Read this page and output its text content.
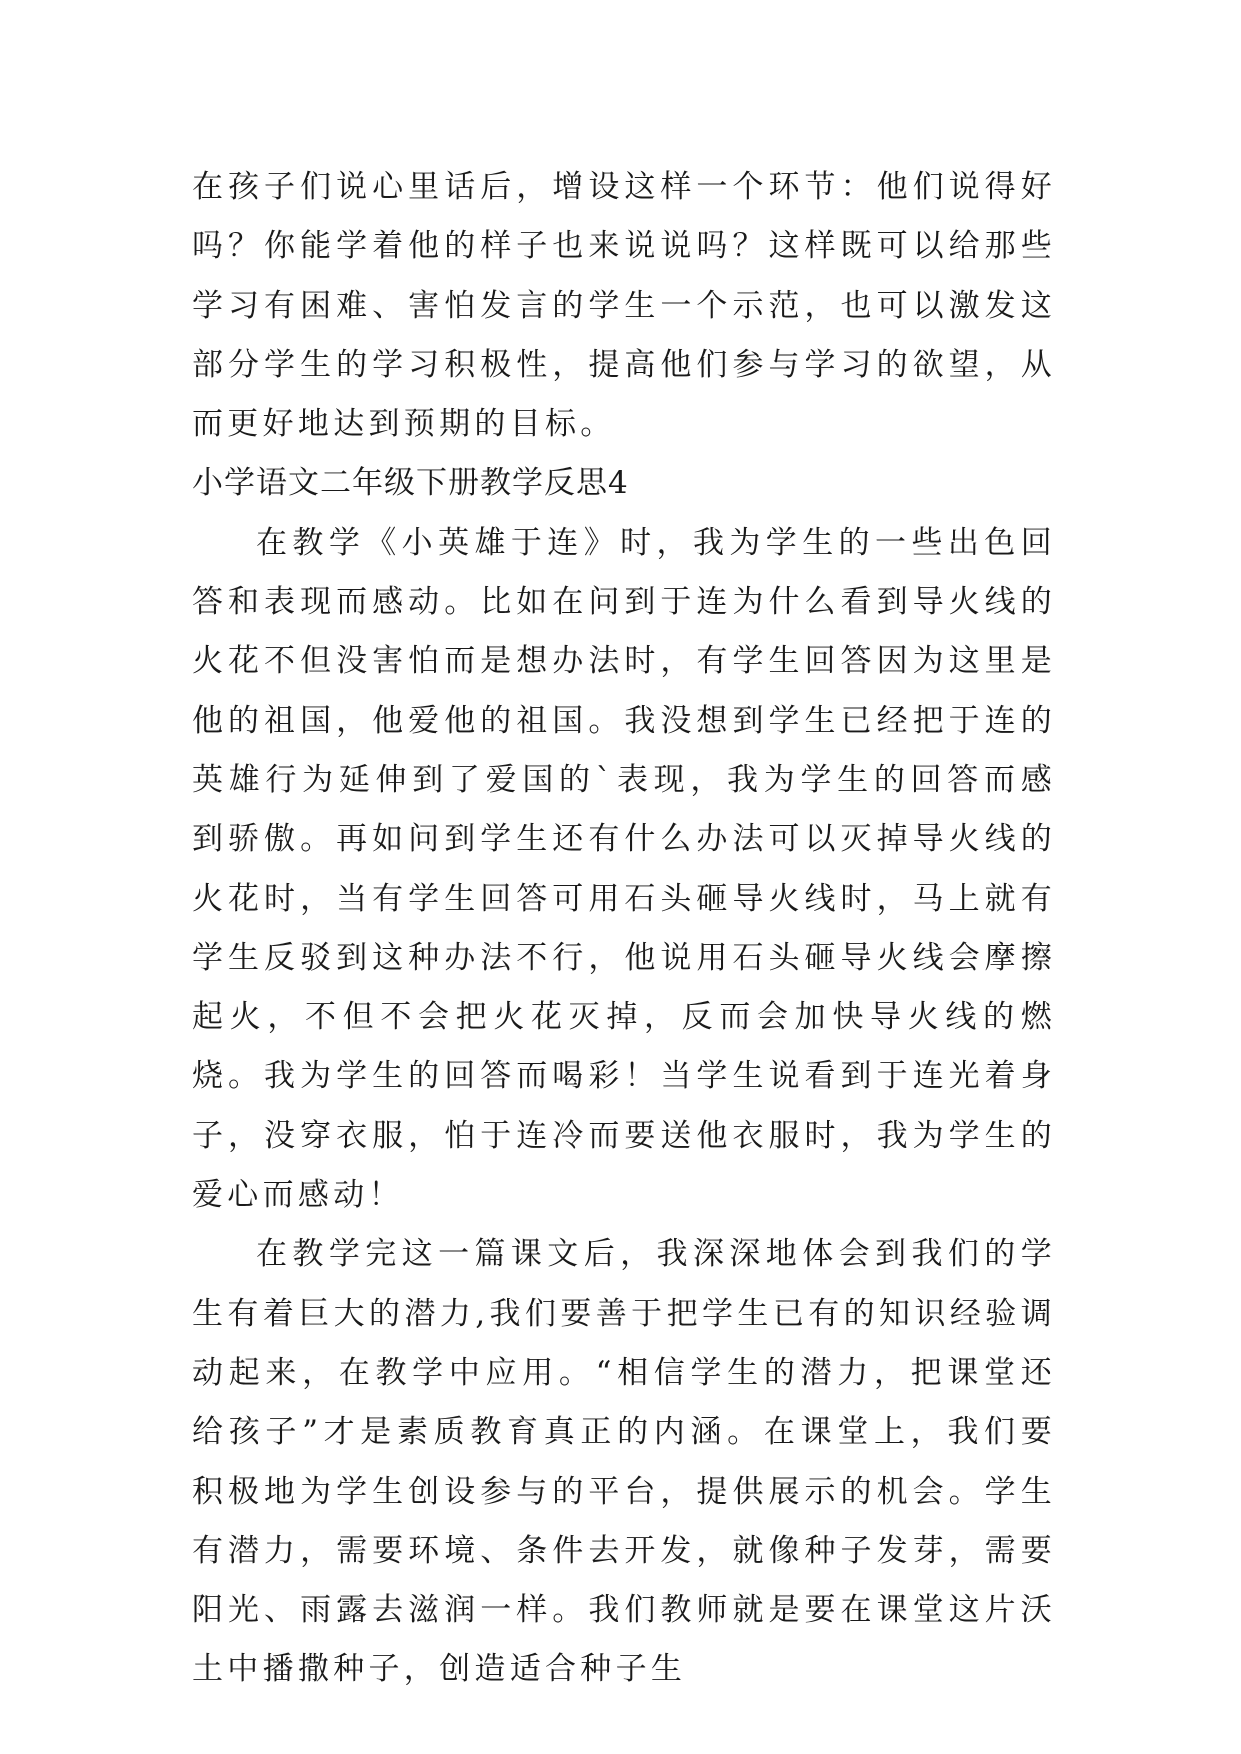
在孩子们说心里话后，增设这样一个环节：他们说得好吗？你能学着他的样子也来说说吗？这样既可以给那些学习有困难、害怕发言的学生一个示范，也可以激发这部分学生的学习积极性，提高他们参与学习的欲望，从而更好地达到预期的目标。

小学语文二年级下册教学反思4

在教学《小英雄于连》时，我为学生的一些出色回答和表现而感动。比如在问到于连为什么看到导火线的火花不但没害怕而是想办法时，有学生回答因为这里是他的祖国，他爱他的祖国。我没想到学生已经把于连的英雄行为延伸到了爱国的`表现，我为学生的回答而感到骄傲。再如问到学生还有什么办法可以灭掉导火线的火花时，当有学生回答可用石头砸导火线时，马上就有学生反驳到这种办法不行，他说用石头砸导火线会摩擦起火，不但不会把火花灭掉，反而会加快导火线的燃烧。我为学生的回答而喝彩！当学生说看到于连光着身子，没穿衣服，怕于连冷而要送他衣服时，我为学生的爱心而感动！

在教学完这一篇课文后，我深深地体会到我们的学生有着巨大的潜力,我们要善于把学生已有的知识经验调动起来，在教学中应用。“相信学生的潜力，把课堂还给孩子”才是素质教育真正的内涵。在课堂上，我们要积极地为学生创设参与的平台，提供展示的机会。学生有潜力，需要环境、条件去开发，就像种子发芽，需要阳光、雨露去滋润一样。我们教师就是要在课堂这片沃土中播撒种子，创造适合种子生
